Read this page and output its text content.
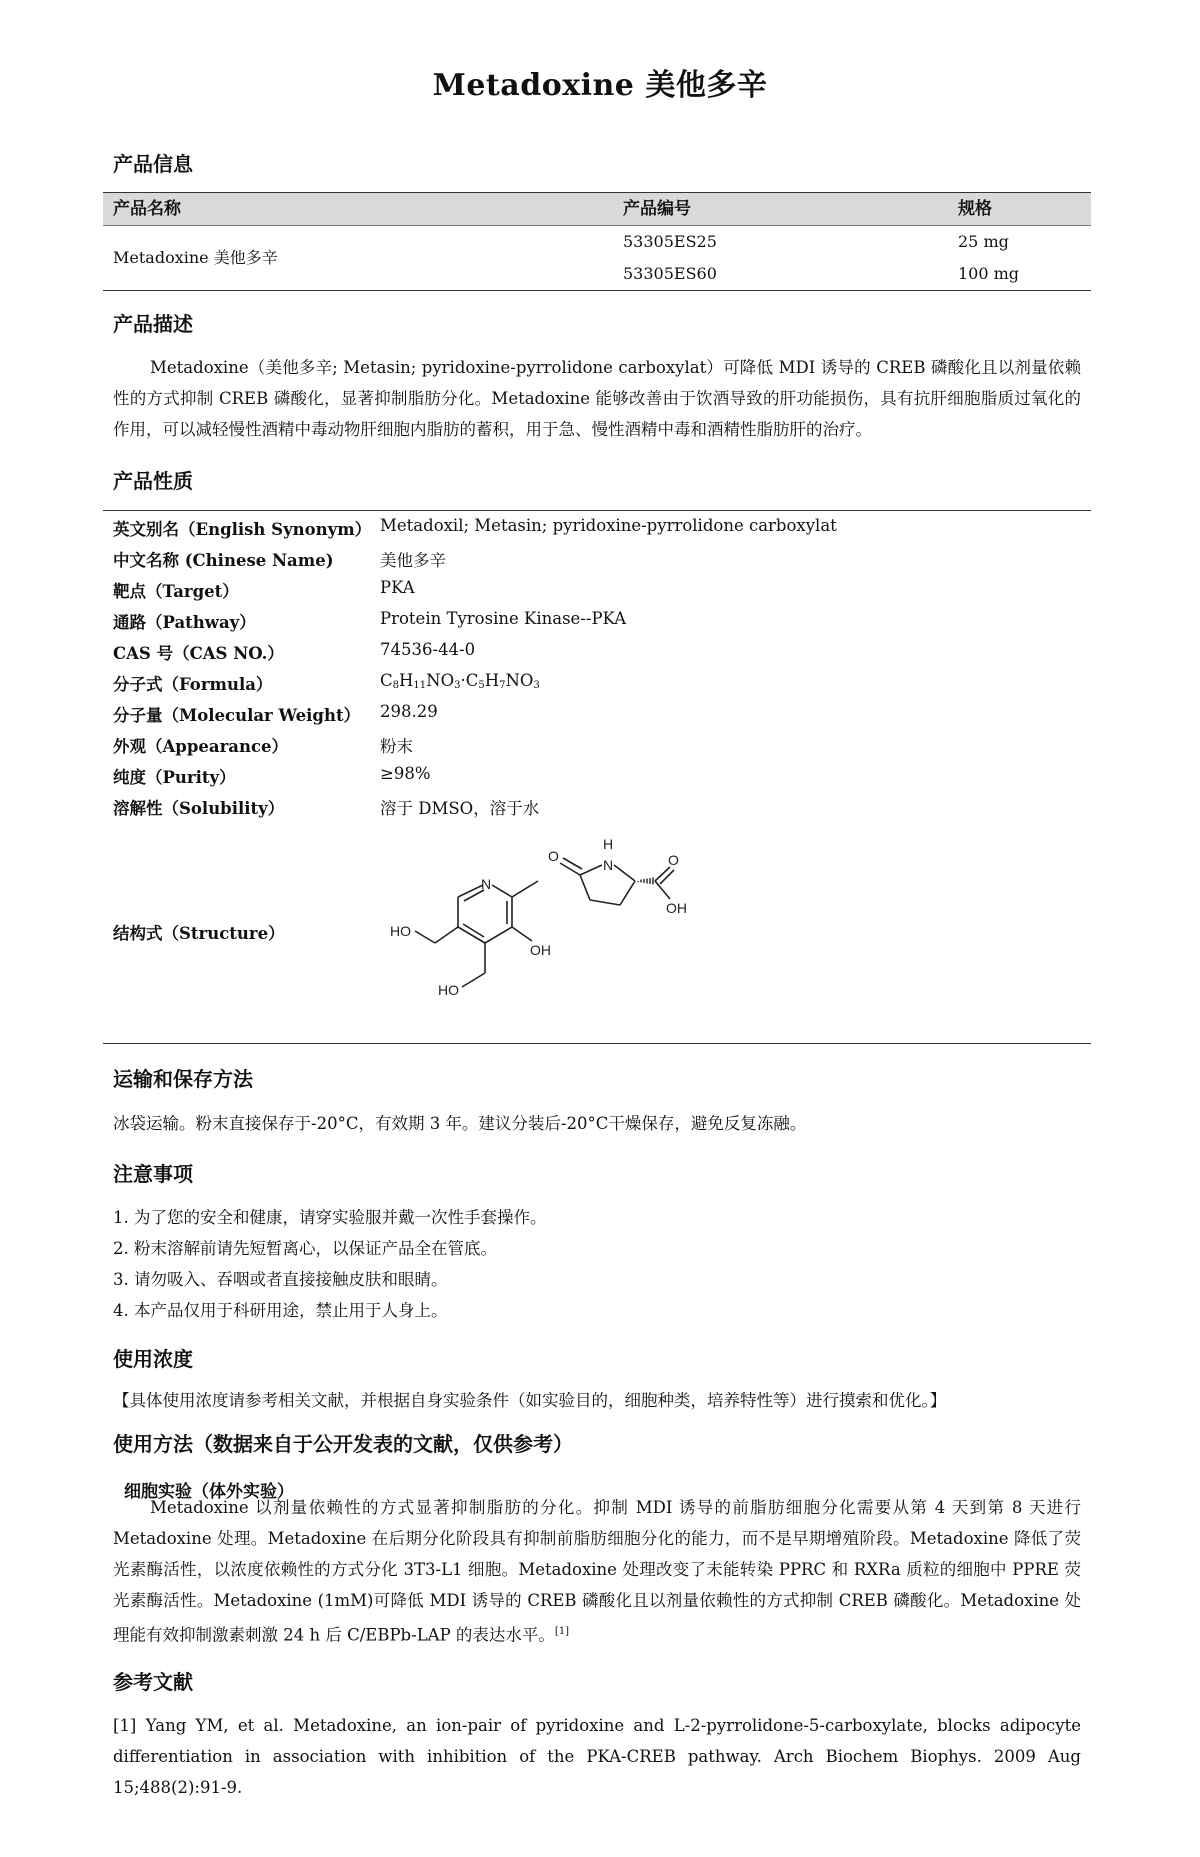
Metadoxine 美他多辛
产品信息
产品名称	产品编号	规格
Metadoxine 美他多辛
53305ES25	25 mg
53305ES60	100 mg
产品描述
Metadoxine（美他多辛; Metasin; pyridoxine-pyrrolidone carboxylat）可降低 MDI 诱导的 CREB 磷酸化且以剂量依赖性的方式抑制 CREB 磷酸化，显著抑制脂肪分化。Metadoxine 能够改善由于饮酒导致的肝功能损伤，具有抗肝细胞脂质过氧化的作用，可以减轻慢性酒精中毒动物肝细胞内脂肪的蓄积，用于急、慢性酒精中毒和酒精性脂肪肝的治疗。
产品性质
英文别名（English Synonym） Metadoxil; Metasin; pyridoxine-pyrrolidone carboxylat
中文名称 (Chinese Name)	美他多辛
靶点（Target）	PKA
通路（Pathway）	Protein Tyrosine Kinase--PKA
CAS 号（CAS NO.）	74536-44-0
分子式（Formula）	$C_8H_{11}NO_3\cdot C_5H_7NO_3$
分子量（Molecular Weight） 298.29
外观（Appearance）	粉末
纯度（Purity）	≥98%
溶解性（Solubility）	溶于 DMSO，溶于水
结构式（Structure）
N
OH
HO
HO
H
N
O	O
OH
运输和保存方法
冰袋运输。粉末直接保存于-20°C，有效期 3 年。建议分装后-20°C干燥保存，避免反复冻融。
注意事项
1. 为了您的安全和健康，请穿实验服并戴一次性手套操作。
2. 粉末溶解前请先短暂离心，以保证产品全在管底。
3. 请勿吸入、吞咽或者直接接触皮肤和眼睛。
4. 本产品仅用于科研用途，禁止用于人身上。
使用浓度
【具体使用浓度请参考相关文献，并根据自身实验条件（如实验目的，细胞种类，培养特性等）进行摸索和优化。】
使用方法（数据来自于公开发表的文献，仅供参考）
细胞实验（体外实验）
Metadoxine 以剂量依赖性的方式显著抑制脂肪的分化。抑制 MDI 诱导的前脂肪细胞分化需要从第 4 天到第 8 天进行 Metadoxine 处理。Metadoxine 在后期分化阶段具有抑制前脂肪细胞分化的能力，而不是早期增殖阶段。Metadoxine 降低了荧光素酶活性，以浓度依赖性的方式分化 3T3-L1 细胞。Metadoxine 处理改变了未能转染 PPRC 和 RXRa 质粒的细胞中 PPRE 荧光素酶活性。Metadoxine (1mM)可降低 MDI 诱导的 CREB 磷酸化且以剂量依赖性的方式抑制 CREB 磷酸化。Metadoxine 处理能有效抑制激素刺激 24 h 后 C/EBPb-LAP 的表达水平。[1]
参考文献
[1] Yang YM, et al. Metadoxine, an ion-pair of pyridoxine and L-2-pyrrolidone-5-carboxylate, blocks adipocyte differentiation in association with inhibition of the PKA-CREB pathway. Arch Biochem Biophys. 2009 Aug 15;488(2):91-9.
